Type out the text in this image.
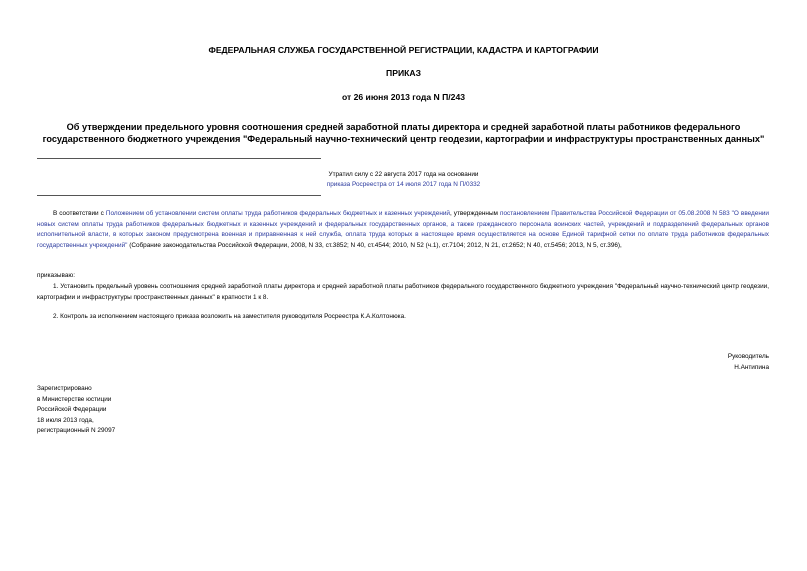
ФЕДЕРАЛЬНАЯ СЛУЖБА ГОСУДАРСТВЕННОЙ РЕГИСТРАЦИИ, КАДАСТРА И КАРТОГРАФИИ
ПРИКАЗ
от 26 июня 2013 года N П/243
Об утверждении предельного уровня соотношения средней заработной платы директора и средней заработной платы работников федерального
государственного бюджетного учреждения "Федеральный научно-технический центр геодезии, картографии и инфраструктуры пространственных данных"
Утратил силу с 22 августа 2017 года на основании
приказа Росреестра от 14 июля 2017 года N П/0332
В соответствии с Положением об установлении систем оплаты труда работников федеральных бюджетных и казенных учреждений, утвержденным постановлением Правительства Российской Федерации от 05.08.2008 N 583 "О введении новых систем оплаты труда работников федеральных бюджетных и казенных учреждений и федеральных государственных органов, а также гражданского персонала воинских частей, учреждений и подразделений федеральных органов исполнительной власти, в которых законом предусмотрена военная и приравненная к ней служба, оплата труда которых в настоящее время осуществляется на основе Единой тарифной сетки по оплате труда работников федеральных государственных учреждений" (Собрание законодательства Российской Федерации, 2008, N 33, ст.3852; N 40, ст.4544; 2010, N 52 (ч.1), ст.7104; 2012, N 21, ст.2652; N 40, ст.5456; 2013, N 5, ст.396),
приказываю:
1. Установить предельный уровень соотношения средней заработной платы директора и средней заработной платы работников федерального государственного бюджетного учреждения "Федеральный научно-технический центр геодезии, картографии и инфраструктуры пространственных данных" в кратности 1 к 8.
2. Контроль за исполнением настоящего приказа возложить на заместителя руководителя Росреестра К.А.Колтонюка.
Руководитель
Н.Антипина
Зарегистрировано
в Министерстве юстиции
Российской Федерации
18 июля 2013 года,
регистрационный N 29097
